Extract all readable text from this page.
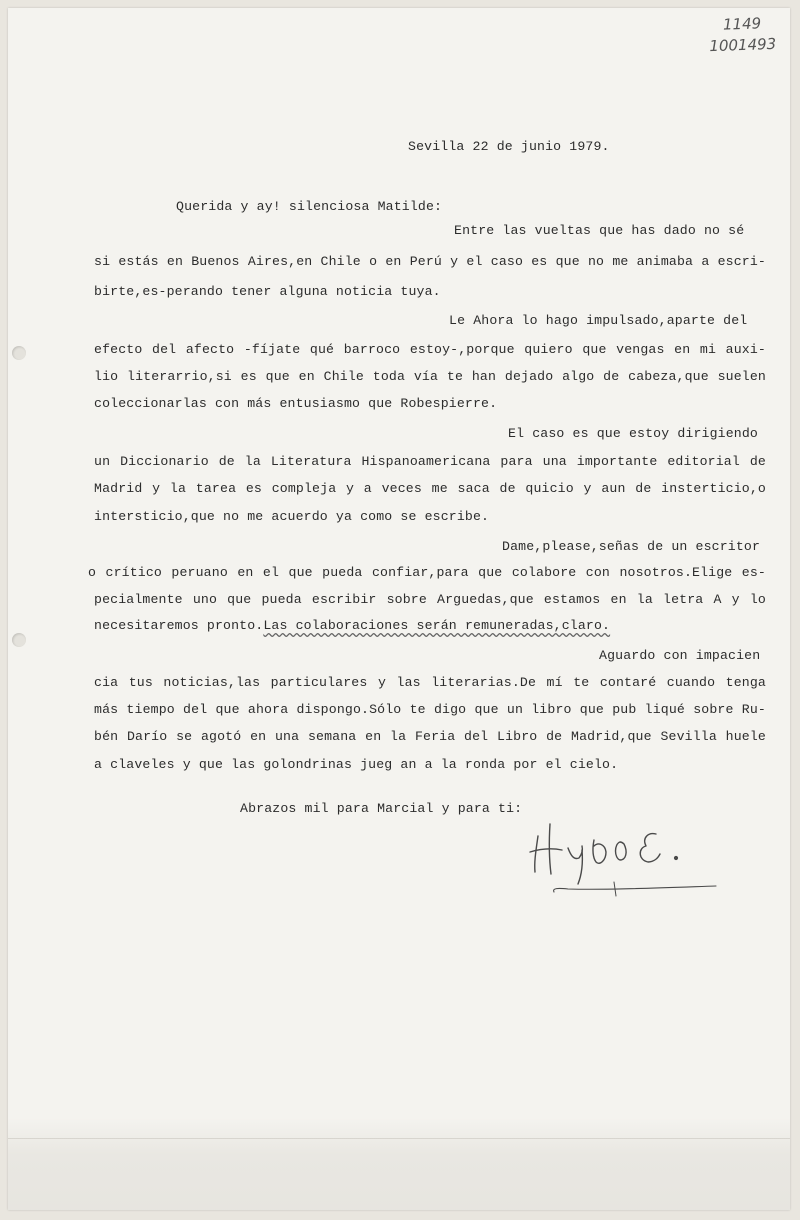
1149
1001493
Sevilla 22 de junio 1979.
Querida y ay! silenciosa Matilde:
Entre las vueltas que has dado no sé
si estás en Buenos Aires,en Chile o en Perú y el caso es que no me animaba a escri-
birte,es-perando tener alguna noticia tuya.
Le Ahora lo hago impulsado,aparte del
efecto del afecto -fíjate qué barroco estoy-,porque quiero que vengas en mi auxi-
lio literarrio,si es que en Chile toda vía te han dejado algo de cabeza,que suelen
coleccionarlas con más entusiasmo que Robespierre.
El caso es que estoy dirigiendo
un Diccionario de la Literatura Hispanoamericana para una importante editorial de
Madrid y la tarea es compleja y a veces me saca de quicio y aun de insterticio,o
intersticio,que no me acuerdo ya como se escribe.
Dame,please,señas de un escritor
o crítico peruano en el que pueda confiar,para que colabore con nosotros.Elige es-
pecialmente uno que pueda escribir sobre Arguedas,que estamos en la letra A y lo
necesitaremos pronto.Las colaboraciones serán remuneradas,claro.
Aguardo con impacien
cia tus noticias,las particulares y las literarias.De mí te contaré cuando tenga
más tiempo del que ahora dispongo.Sólo te digo que un libro que pub liqué sobre Ru-
bén Darío se agotó en una semana en la Feria del Libro de Madrid,que Sevilla huele
a claveles y que las golondrinas jueg an a la ronda por el cielo.
Abrazos mil para Marcial y para ti:
